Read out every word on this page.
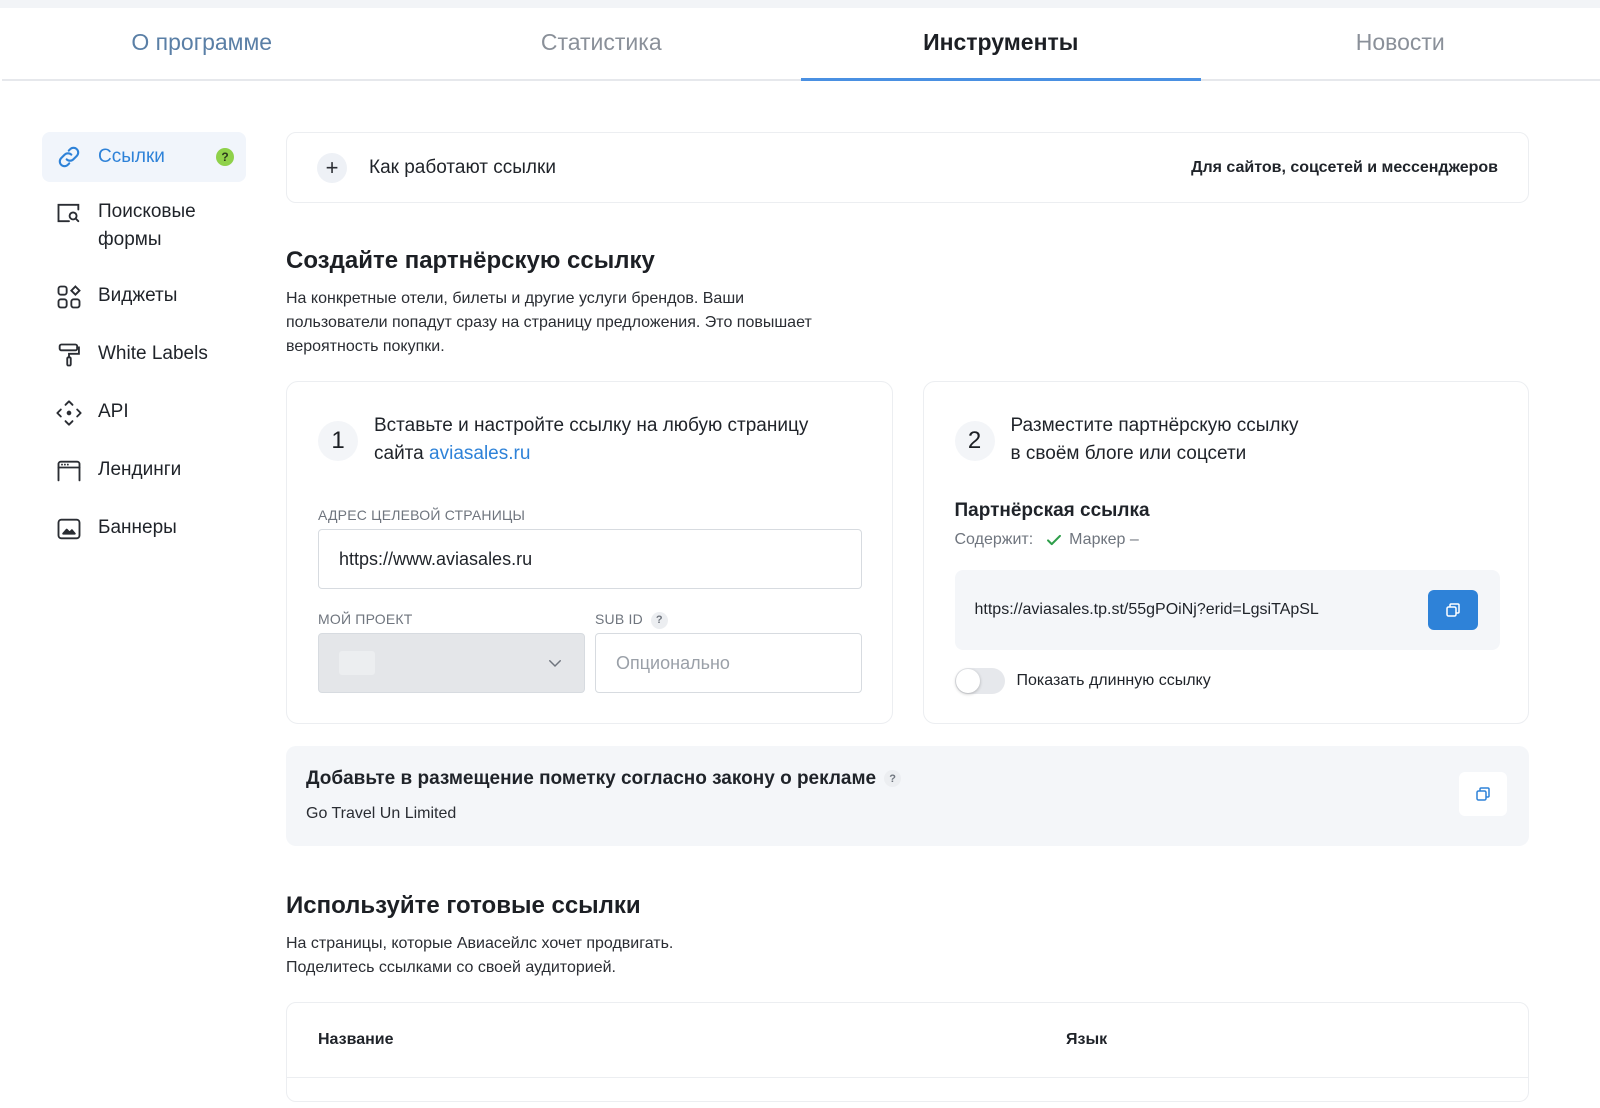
О программе	Статистика	Инструменты	Новости
Ссылки	?
Поисковые формы
Виджеты
White Labels
API
Лендинги
Баннеры
+	Как работают ссылки	Для сайтов, соцсетей и мессенджеров
Создайте партнёрскую ссылку

На конкретные отели, билеты и другие услуги брендов. Ваши пользователи попадут сразу на страницу предложения. Это повышает вероятность покупки.

1
Вставьте и настройте ссылку на любую страницу сайта aviasales.ru
АДРЕС ЦЕЛЕВОЙ СТРАНИЦЫ
https://www.aviasales.ru
МОЙ ПРОЕКТ	SUB ID ?
Опционально
2
Разместите партнёрскую ссылку
в своём блоге или соцсети
Партнёрская ссылка
Содержит: Маркер –
https://aviasales.tp.st/55gPOiNj?erid=LgsiTApSL
Показать длинную ссылку
Добавьте в размещение пометку согласно закону о рекламе ?
Go Travel Un Limited
Используйте готовые ссылки
На страницы, которые Авиасейлс хочет продвигать.
Поделитесь ссылками со своей аудиторией.
Название	Язык
